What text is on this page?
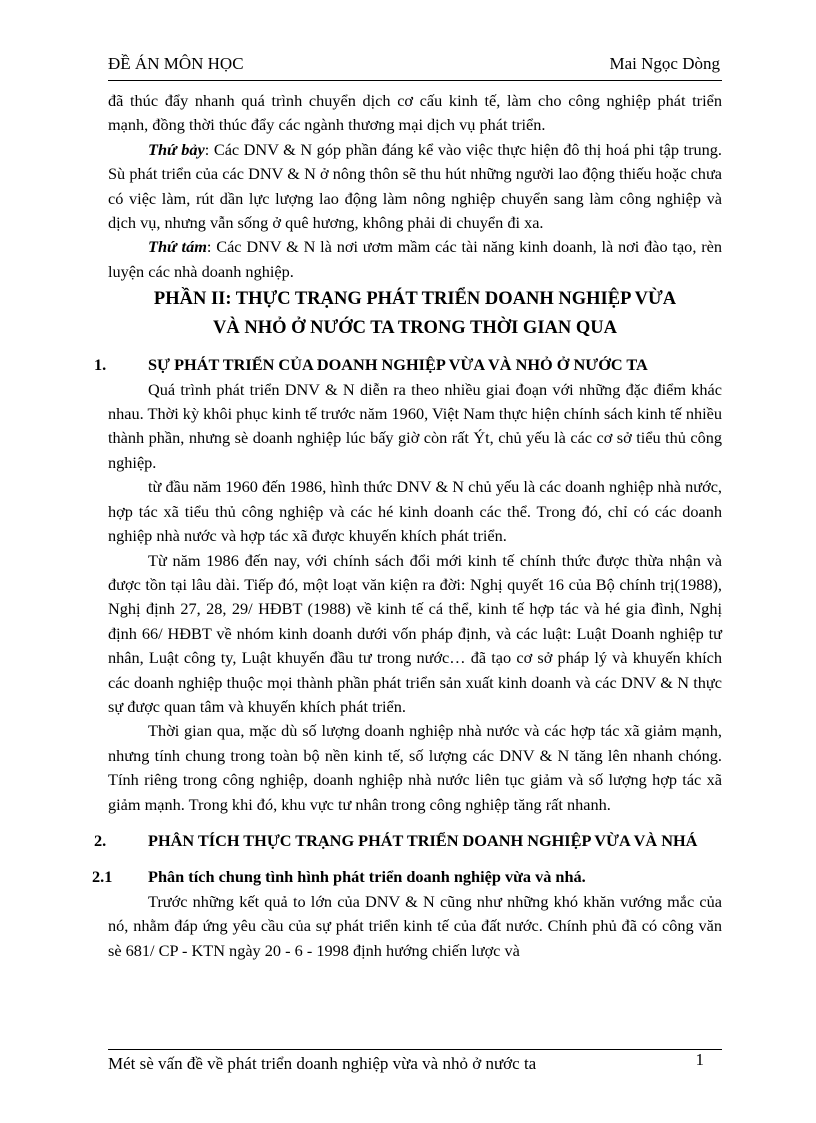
ĐỀ ÁN MÔN HỌC	Mai Ngọc Dòng

đã thúc đẩy nhanh quá trình chuyển dịch cơ cấu kinh tế, làm cho công nghiệp phát triển mạnh, đồng thời thúc đẩy các ngành thương mại dịch vụ phát triển.

Thứ bảy: Các DNV & N góp phần đáng kể vào việc thực hiện đô thị hoá phi tập trung. Sù phát triển của các DNV & N ở nông thôn sẽ thu hút những người lao động thiếu hoặc chưa có việc làm, rút dần lực lượng lao động làm nông nghiệp chuyển sang làm công nghiệp và dịch vụ, nhưng vẫn sống ở quê hương, không phải di chuyển đi xa.

Thứ tám: Các DNV & N là nơi ươm mầm các tài năng kinh doanh, là nơi đào tạo, rèn luyện các nhà doanh nghiệp.

PHẦN II: THỰC TRẠNG PHÁT TRIỂN DOANH NGHIỆP VỪA
VÀ NHỎ Ở NƯỚC TA TRONG THỜI GIAN QUA
1.	SỰ PHÁT TRIỂN CỦA DOANH NGHIỆP VỪA VÀ NHỎ Ở NƯỚC TA

Quá trình phát triển DNV & N diễn ra theo nhiều giai đoạn với những đặc điểm khác nhau. Thời kỳ khôi phục kinh tế trước năm 1960, Việt Nam thực hiện chính sách kinh tế nhiều thành phần, nhưng sè doanh nghiệp lúc bấy giờ còn rất Ýt, chủ yếu là các cơ sở tiểu thủ công nghiệp.

từ đầu năm 1960 đến 1986, hình thức DNV & N chủ yếu là các doanh nghiệp nhà nước, hợp tác xã tiểu thủ công nghiệp và các hé kinh doanh các thể. Trong đó, chỉ có các doanh nghiệp nhà nước và hợp tác xã được khuyến khích phát triển.

Từ năm 1986 đến nay, với chính sách đổi mới kinh tế chính thức được thừa nhận và được tồn tại lâu dài. Tiếp đó, một loạt văn kiện ra đời: Nghị quyết 16 của Bộ chính trị(1988), Nghị định 27, 28, 29/ HĐBT (1988) về kinh tế cá thể, kinh tế hợp tác và hé gia đình, Nghị định 66/ HĐBT về nhóm kinh doanh dưới vốn pháp định, và các luật: Luật Doanh nghiệp tư nhân, Luật công ty, Luật khuyến đầu tư trong nước… đã tạo cơ sở pháp lý và khuyến khích các doanh nghiệp thuộc mọi thành phần phát triển sản xuất kinh doanh và các DNV & N thực sự được quan tâm và khuyến khích phát triển.

Thời gian qua, mặc dù số lượng doanh nghiệp nhà nước và các hợp tác xã giảm mạnh, nhưng tính chung trong toàn bộ nền kinh tế, số lượng các DNV & N tăng lên nhanh chóng. Tính riêng trong công nghiệp, doanh nghiệp nhà nước liên tục giảm và số lượng hợp tác xã giảm mạnh. Trong khi đó, khu vực tư nhân trong công nghiệp tăng rất nhanh.

2.	PHÂN TÍCH THỰC TRẠNG PHÁT TRIỂN DOANH NGHIỆP VỪA VÀ NHÁ
2.1 Phân tích chung tình hình phát triển doanh nghiệp vừa và nhá.

Trước những kết quả to lớn của DNV & N cũng như những khó khăn vướng mắc của nó, nhằm đáp ứng yêu cầu của sự phát triển kinh tế của đất nước. Chính phủ đã có công văn sè 681/ CP - KTN ngày 20 - 6 - 1998 định hướng chiến lược và

Mét sè vấn đề về phát triển doanh nghiệp vừa và nhỏ ở nước ta	1
